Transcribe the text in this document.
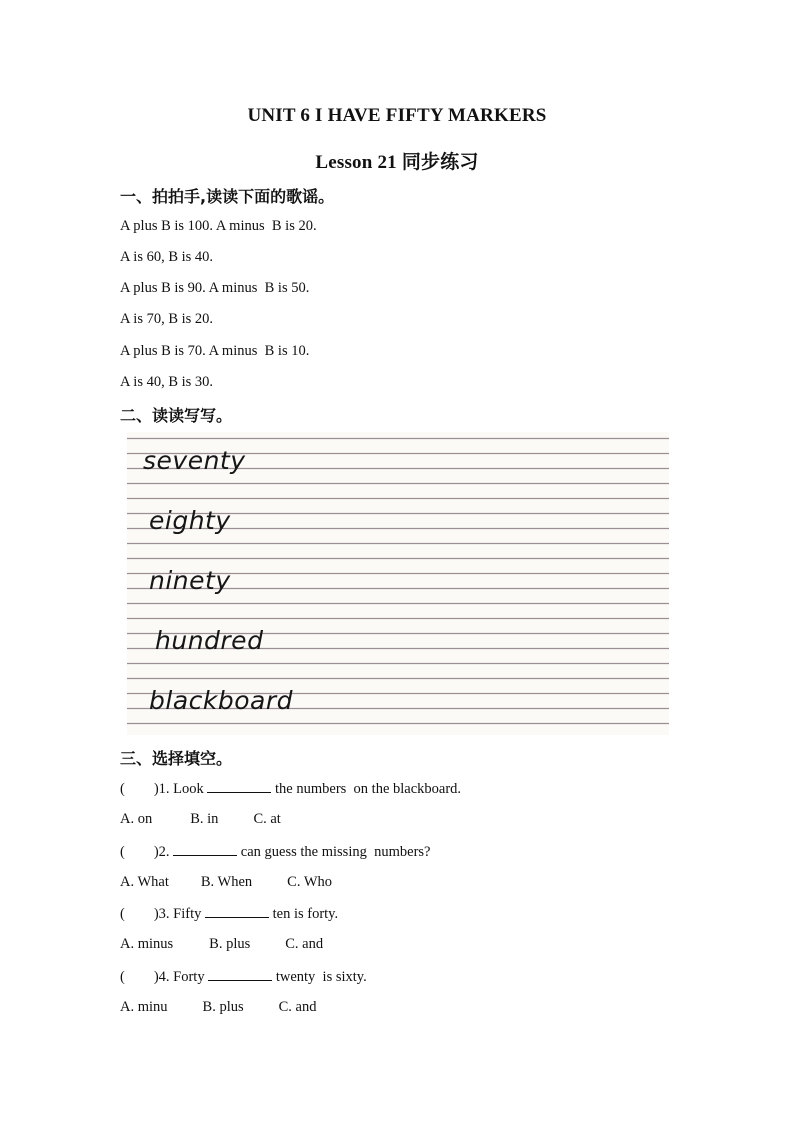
UNIT 6 I HAVE FIFTY MARKERS
Lesson 21 同步练习
一、拍拍手,读读下面的歌谣。
A plus B is 100. A minus  B is 20.
A is 60, B is 40.
A plus B is 90. A minus  B is 50.
A is 70, B is 20.
A plus B is 70. A minus  B is 10.
A is 40, B is 30.
二、读读写写。
seventy
eighty
ninety
hundred
blackboard
三、选择填空。
(        )1. Look	the numbers  on the blackboard.
A. on	B. in C. at
(        )2.	can guess the missing  numbers?
A. What B. When C. Who
(        )3. Fifty	ten is forty.
A. minus B. plus C. and
(        )4. Forty	twenty  is sixty.
A. minu B. plus C. and
